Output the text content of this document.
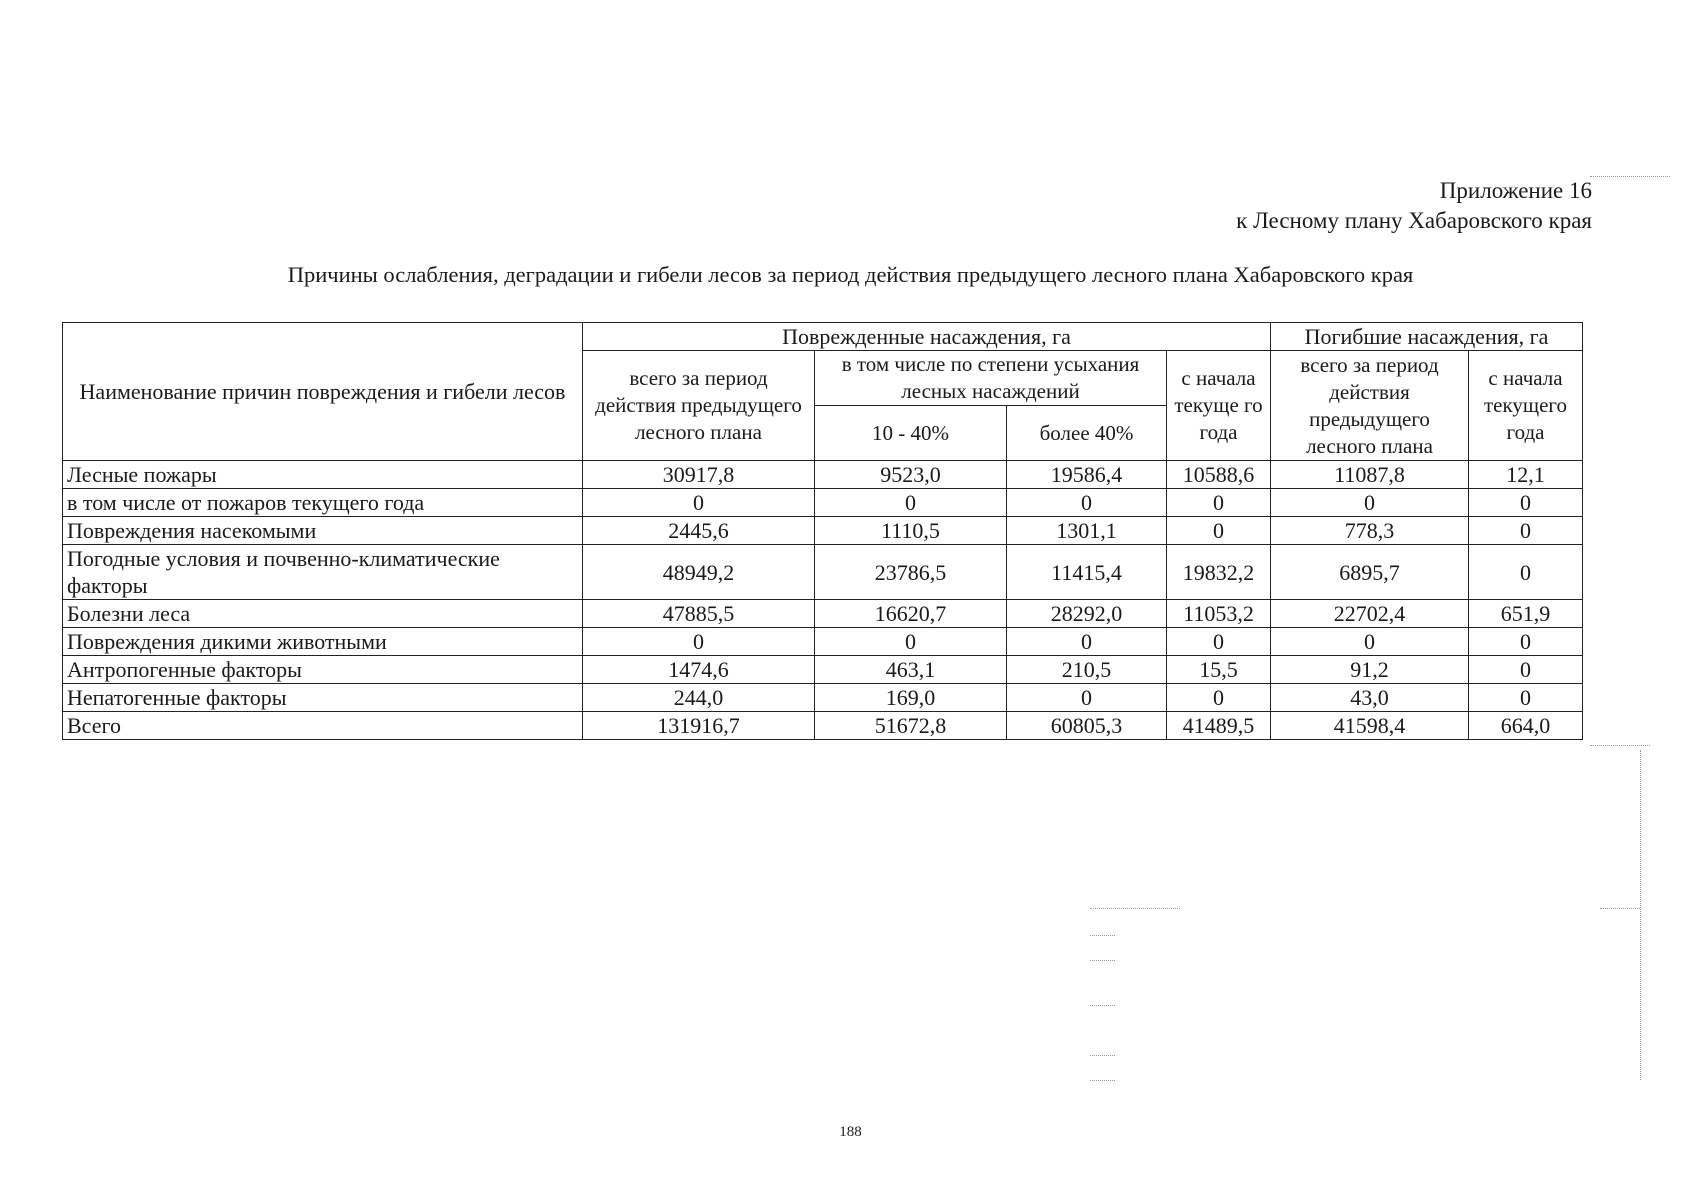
Приложение 16
к Лесному плану Хабаровского края
Причины ослабления, деградации и гибели лесов за период действия предыдущего лесного плана Хабаровского края
Наименование причин повреждения и гибели лесов	Поврежденные насаждения, га				Погибшие насаждения, га	
	всего за период действия предыдущего лесного плана	в том числе по степени усыхания лесных насаждений		с начала текуще го года	всего за период действия предыдущего лесного плана	с начала текущего года
		10 - 40%	более 40%			
Лесные пожары	30917,8	9523,0	19586,4	10588,6	11087,8	12,1
в том числе от пожаров текущего года	0	0	0	0	0	0
Повреждения насекомыми	2445,6	1110,5	1301,1	0	778,3	0
Погодные условия и почвенно-климатические факторы	48949,2	23786,5	11415,4	19832,2	6895,7	0
Болезни леса	47885,5	16620,7	28292,0	11053,2	22702,4	651,9
Повреждения дикими животными	0	0	0	0	0	0
Антропогенные факторы	1474,6	463,1	210,5	15,5	91,2	0
Непатогенные факторы	244,0	169,0	0	0	43,0	0
Всего	131916,7	51672,8	60805,3	41489,5	41598,4	664,0
188
